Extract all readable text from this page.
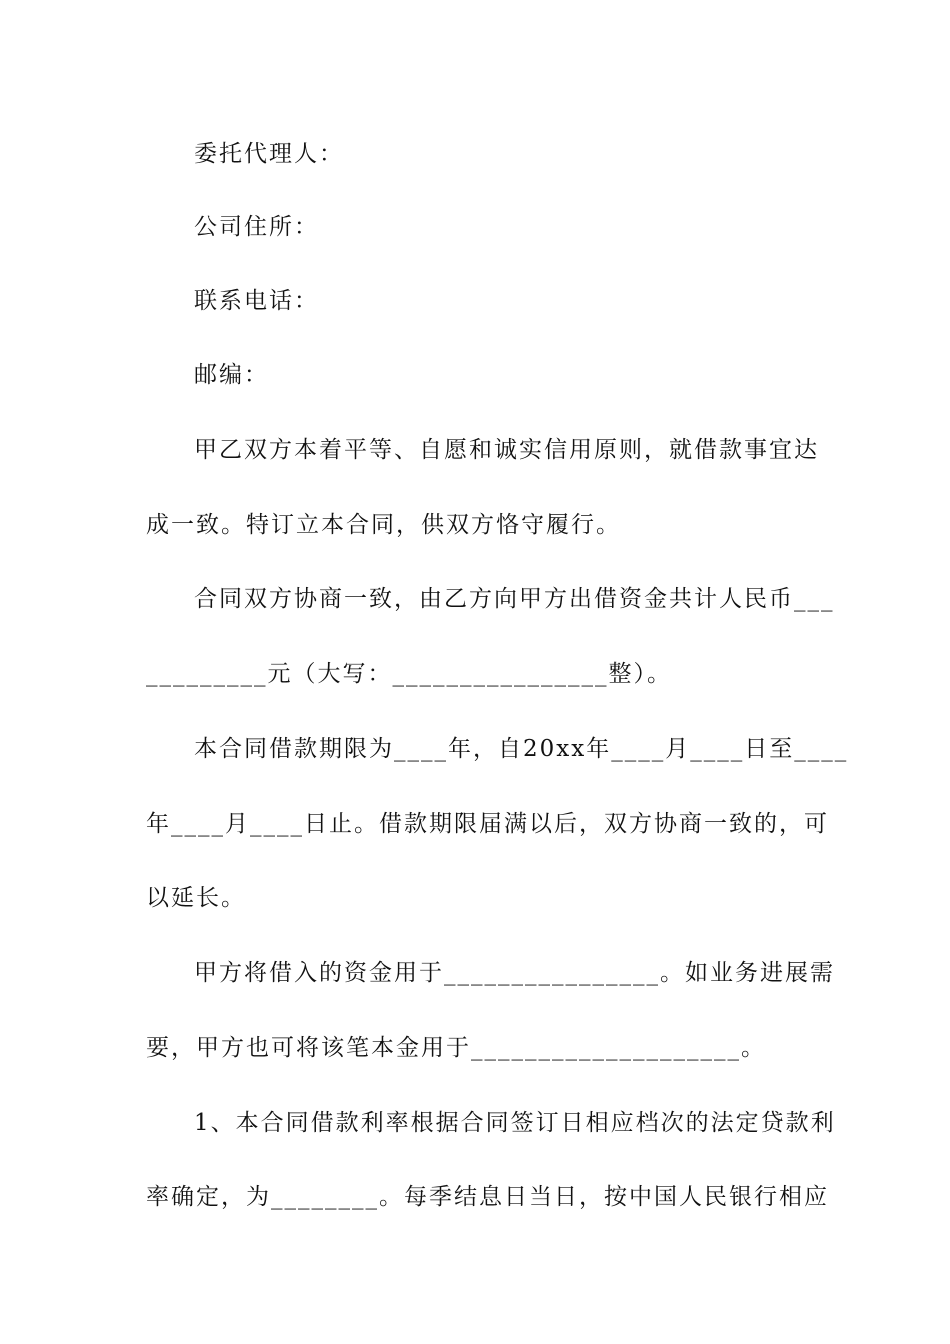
委托代理人：
公司住所：
联系电话：
邮编：
甲乙双方本着平等、自愿和诚实信用原则，就借款事宜达
成一致。特订立本合同，供双方恪守履行。
合同双方协商一致，由乙方向甲方出借资金共计人民币___
_________元（大写：________________整）。
本合同借款期限为____年，自20xx年____月____日至____
年____月____日止。借款期限届满以后，双方协商一致的，可
以延长。
甲方将借入的资金用于________________。如业务进展需
要，甲方也可将该笔本金用于____________________。
1、本合同借款利率根据合同签订日相应档次的法定贷款利
率确定，为________。每季结息日当日，按中国人民银行相应
